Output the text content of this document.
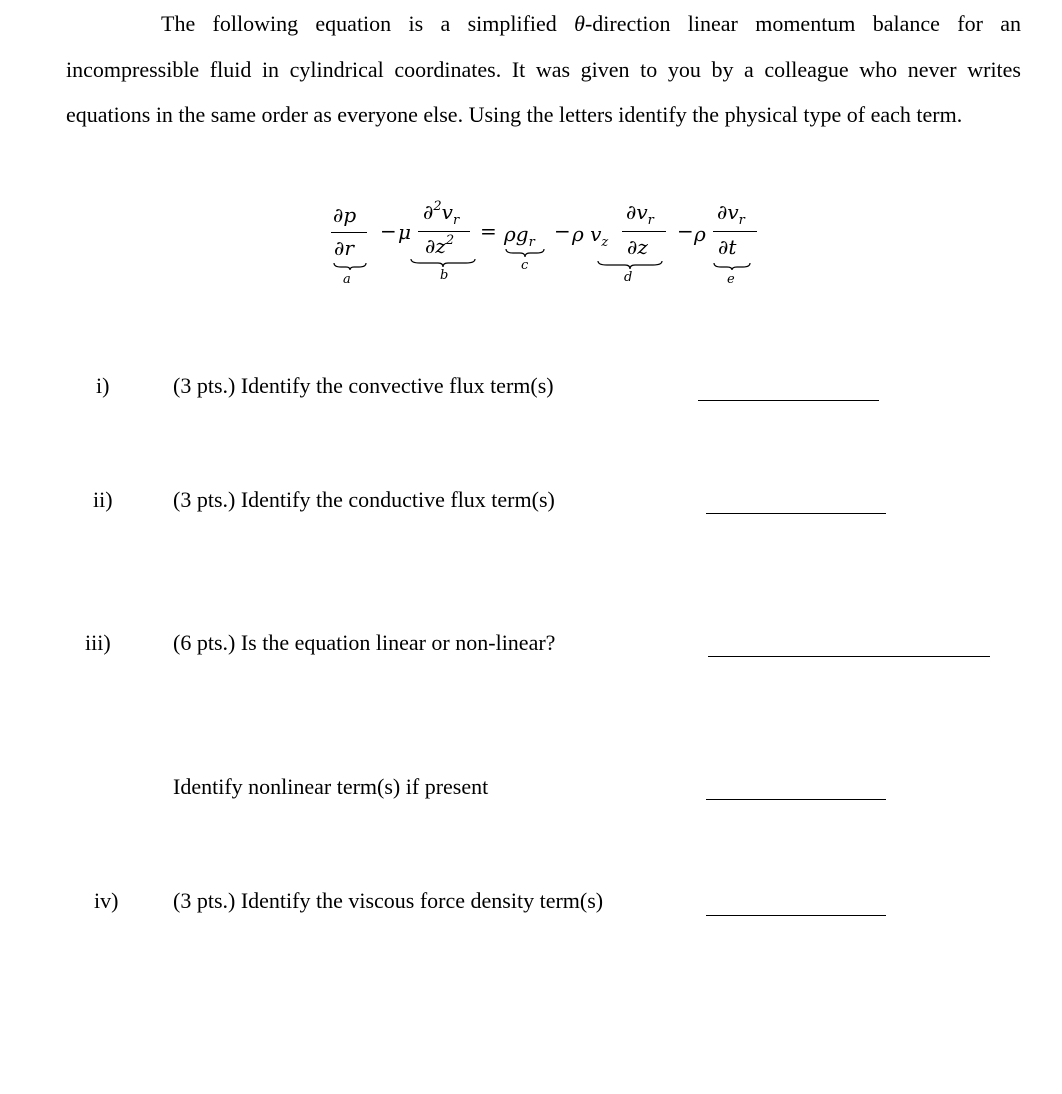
The following equation is a simplified θ-direction linear momentum balance for an incompressible fluid in cylindrical coordinates. It was given to you by a colleague who never writes equations in the same order as everyone else. Using the letters identify the physical type of each term.

∂p
∂r
a
− μ
$\partial^2v_r$
$\partial z^2$
b
= $\rho g_r$
c
− ρ $v_z$
$\partial v_r$
∂z
d
− ρ
$\partial v_r$
∂t
e
i)	(3 pts.) Identify the convective flux term(s)
ii)	(3 pts.) Identify the conductive flux term(s)
iii)	(6 pts.) Is the equation linear or non-linear?
Identify nonlinear term(s) if present
iv) (3 pts.) Identify the viscous force density term(s)
